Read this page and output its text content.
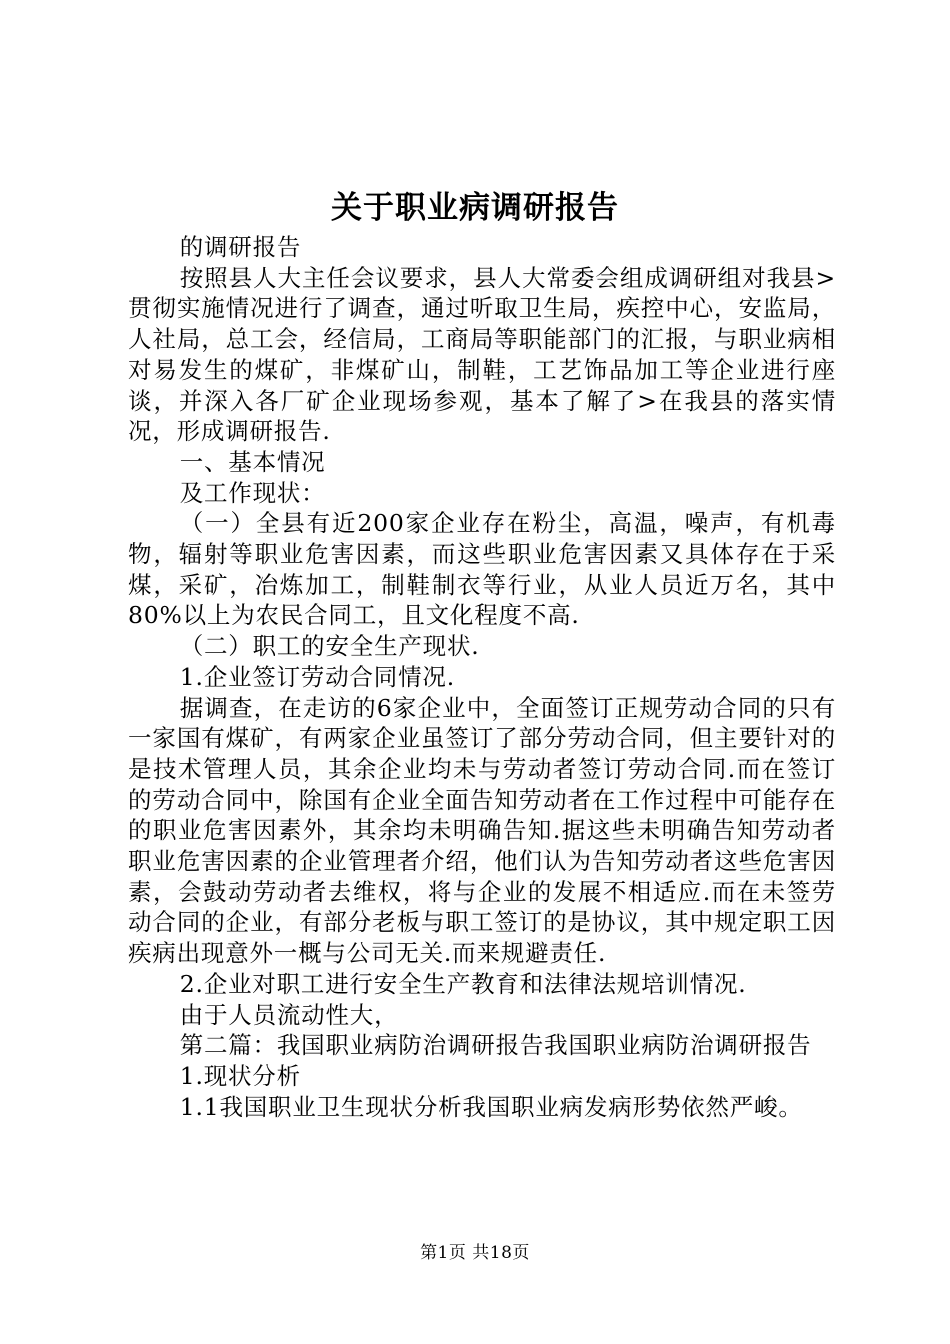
关于职业病调研报告

的调研报告

按照县人大主任会议要求，县人大常委会组成调研组对我县>贯彻实施情况进行了调查，通过听取卫生局，疾控中心，安监局，人社局，总工会，经信局，工商局等职能部门的汇报，与职业病相对易发生的煤矿，非煤矿山，制鞋，工艺饰品加工等企业进行座谈，并深入各厂矿企业现场参观，基本了解了>在我县的落实情况，形成调研报告.

一、基本情况

及工作现状：

（一）全县有近200家企业存在粉尘，高温，噪声，有机毒物，辐射等职业危害因素，而这些职业危害因素又具体存在于采煤，采矿，冶炼加工，制鞋制衣等行业，从业人员近万名，其中80%以上为农民合同工，且文化程度不高.

（二）职工的安全生产现状.

1.企业签订劳动合同情况.

据调查，在走访的6家企业中，全面签订正规劳动合同的只有一家国有煤矿，有两家企业虽签订了部分劳动合同，但主要针对的是技术管理人员，其余企业均未与劳动者签订劳动合同.而在签订的劳动合同中，除国有企业全面告知劳动者在工作过程中可能存在的职业危害因素外，其余均未明确告知.据这些未明确告知劳动者职业危害因素的企业管理者介绍，他们认为告知劳动者这些危害因素，会鼓动劳动者去维权，将与企业的发展不相适应.而在未签劳动合同的企业，有部分老板与职工签订的是协议，其中规定职工因疾病出现意外一概与公司无关.而来规避责任.

2.企业对职工进行安全生产教育和法律法规培训情况.

由于人员流动性大，

第二篇：我国职业病防治调研报告我国职业病防治调研报告

1.现状分析

1.1我国职业卫生现状分析我国职业病发病形势依然严峻。

第1页 共18页
